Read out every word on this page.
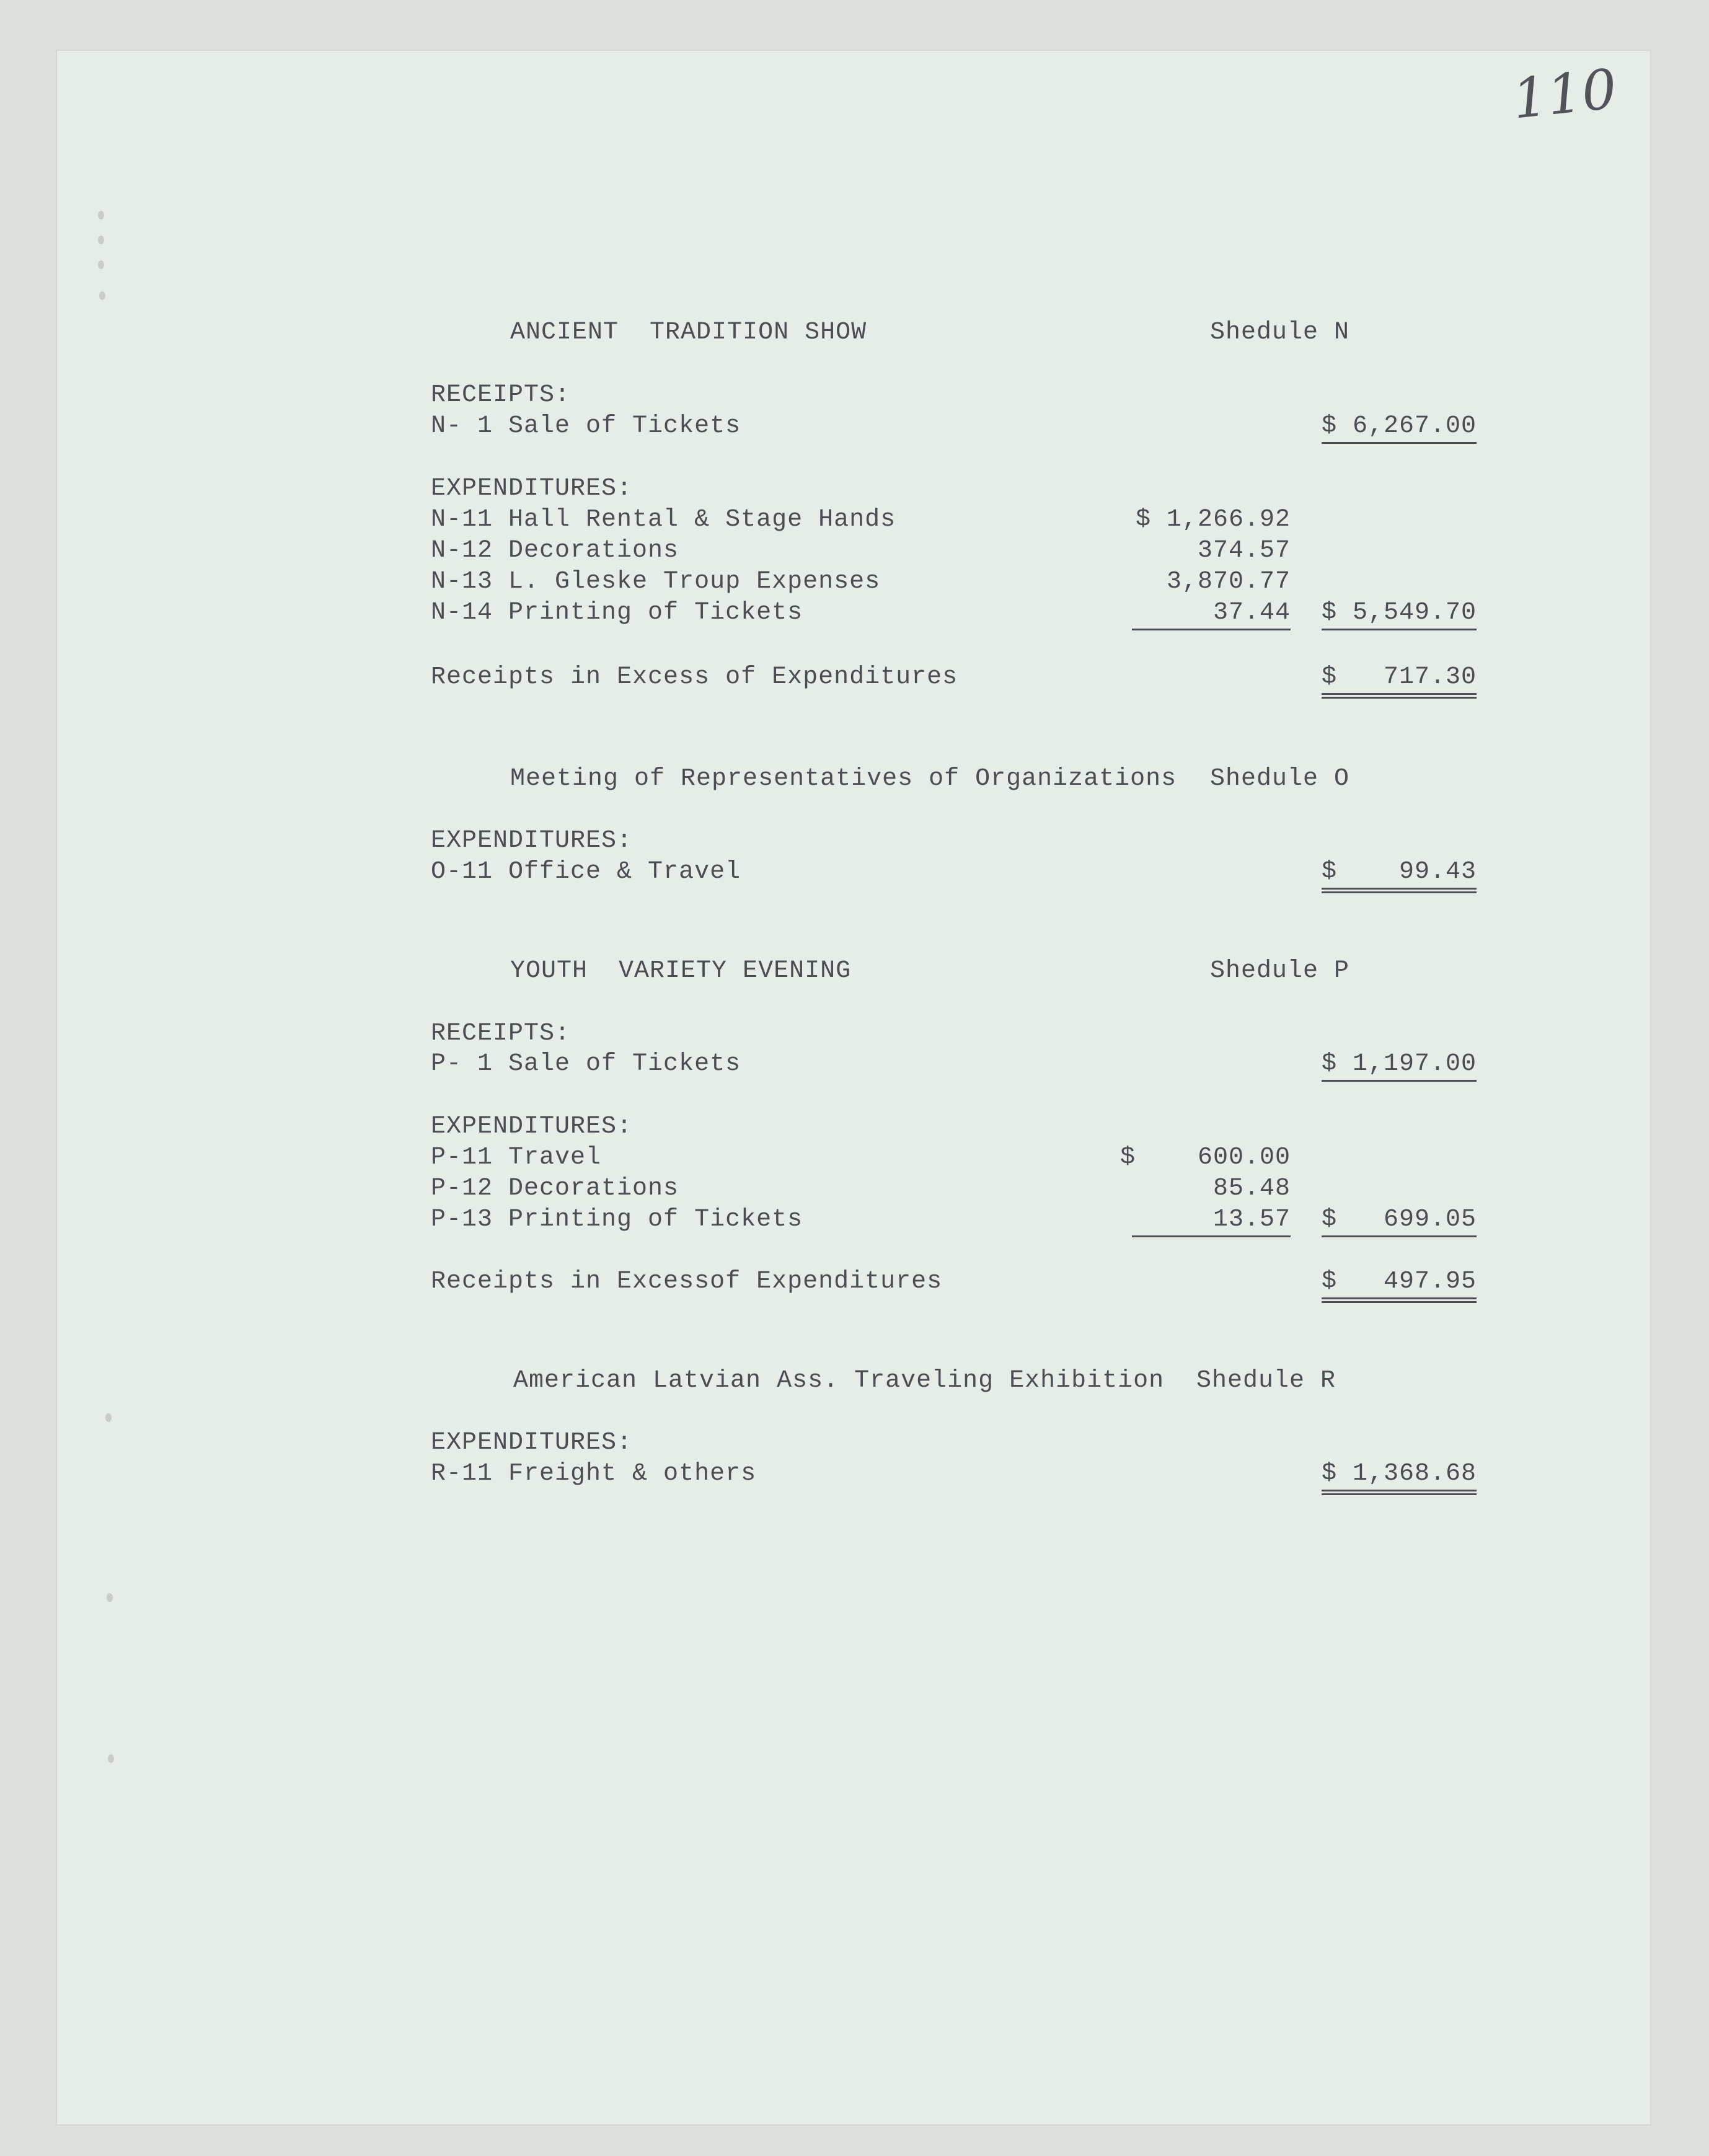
110
ANCIENT  TRADITION SHOW	Shedule N
RECEIPTS:
N- 1 Sale of Tickets	$ 6,267.00
EXPENDITURES:
N-11 Hall Rental & Stage Hands	$ 1,266.92
N-12 Decorations	374.57
N-13 L. Gleske Troup Expenses	3,870.77
N-14 Printing of Tickets	37.44 $ 5,549.70
Receipts in Excess of Expenditures	$   717.30
Meeting of Representatives of Organizations Shedule O
EXPENDITURES:
O-11 Office & Travel	$    99.43
YOUTH  VARIETY EVENING	Shedule P
RECEIPTS:
P- 1 Sale of Tickets	$ 1,197.00
EXPENDITURES:
P-11 Travel	$    600.00
P-12 Decorations	85.48
P-13 Printing of Tickets	13.57 $   699.05
Receipts in Excessof Expenditures	$   497.95
American Latvian Ass. Traveling Exhibition Shedule R
EXPENDITURES:
R-11 Freight & others	$ 1,368.68
